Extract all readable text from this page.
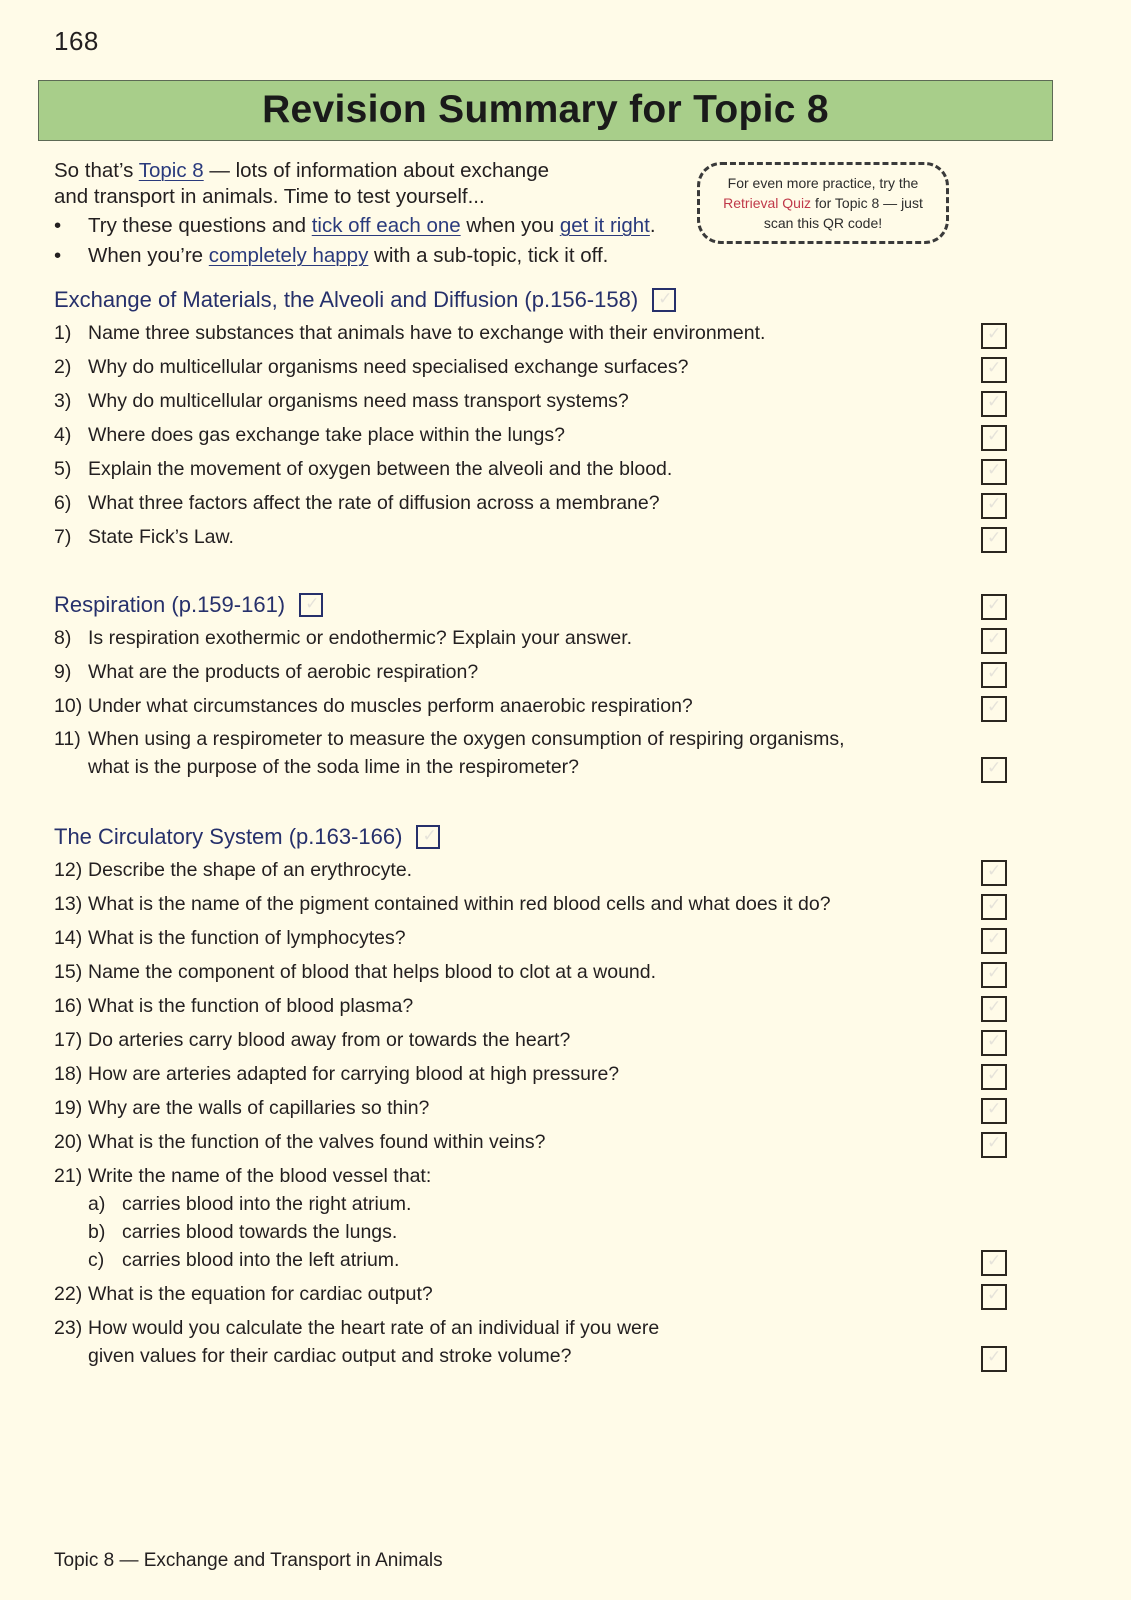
168
Revision Summary for Topic 8
So that’s Topic 8 — lots of information about exchange
and transport in animals. Time to test yourself...
• Try these questions and tick off each one when you get it right.
• When you’re completely happy with a sub-topic, tick it off.
For even more practice, try the
Retrieval Quiz for Topic 8 — just
scan this QR code!
Exchange of Materials, the Alveoli and Diffusion (p.156-158)
✓
1) Name three substances that animals have to exchange with their environment.
✓
2) Why do multicellular organisms need specialised exchange surfaces?
✓
3) Why do multicellular organisms need mass transport systems?
✓
4) Where does gas exchange take place within the lungs?
✓
5) Explain the movement of oxygen between the alveoli and the blood.
✓
6) What three factors affect the rate of diffusion across a membrane?
✓
7) State Fick’s Law.
✓
Respiration (p.159-161)
✓
✓
8) Is respiration exothermic or endothermic? Explain your answer.
✓
9) What are the products of aerobic respiration?
✓
10) Under what circumstances do muscles perform anaerobic respiration?
✓
11) When using a respirometer to measure the oxygen consumption of respiring organisms,
what is the purpose of the soda lime in the respirometer?
✓
The Circulatory System (p.163-166)
✓
12) Describe the shape of an erythrocyte.
✓
13) What is the name of the pigment contained within red blood cells and what does it do?
✓
14) What is the function of lymphocytes?
✓
15) Name the component of blood that helps blood to clot at a wound.
✓
16) What is the function of blood plasma?
✓
17) Do arteries carry blood away from or towards the heart?
✓
18) How are arteries adapted for carrying blood at high pressure?
✓
19) Why are the walls of capillaries so thin?
✓
20) What is the function of the valves found within veins?
✓
21) Write the name of the blood vessel that:
a) carries blood into the right atrium.
b) carries blood towards the lungs.
c) carries blood into the left atrium.
✓
22) What is the equation for cardiac output?
✓
23) How would you calculate the heart rate of an individual if you were
given values for their cardiac output and stroke volume?
✓
Topic 8 — Exchange and Transport in Animals
